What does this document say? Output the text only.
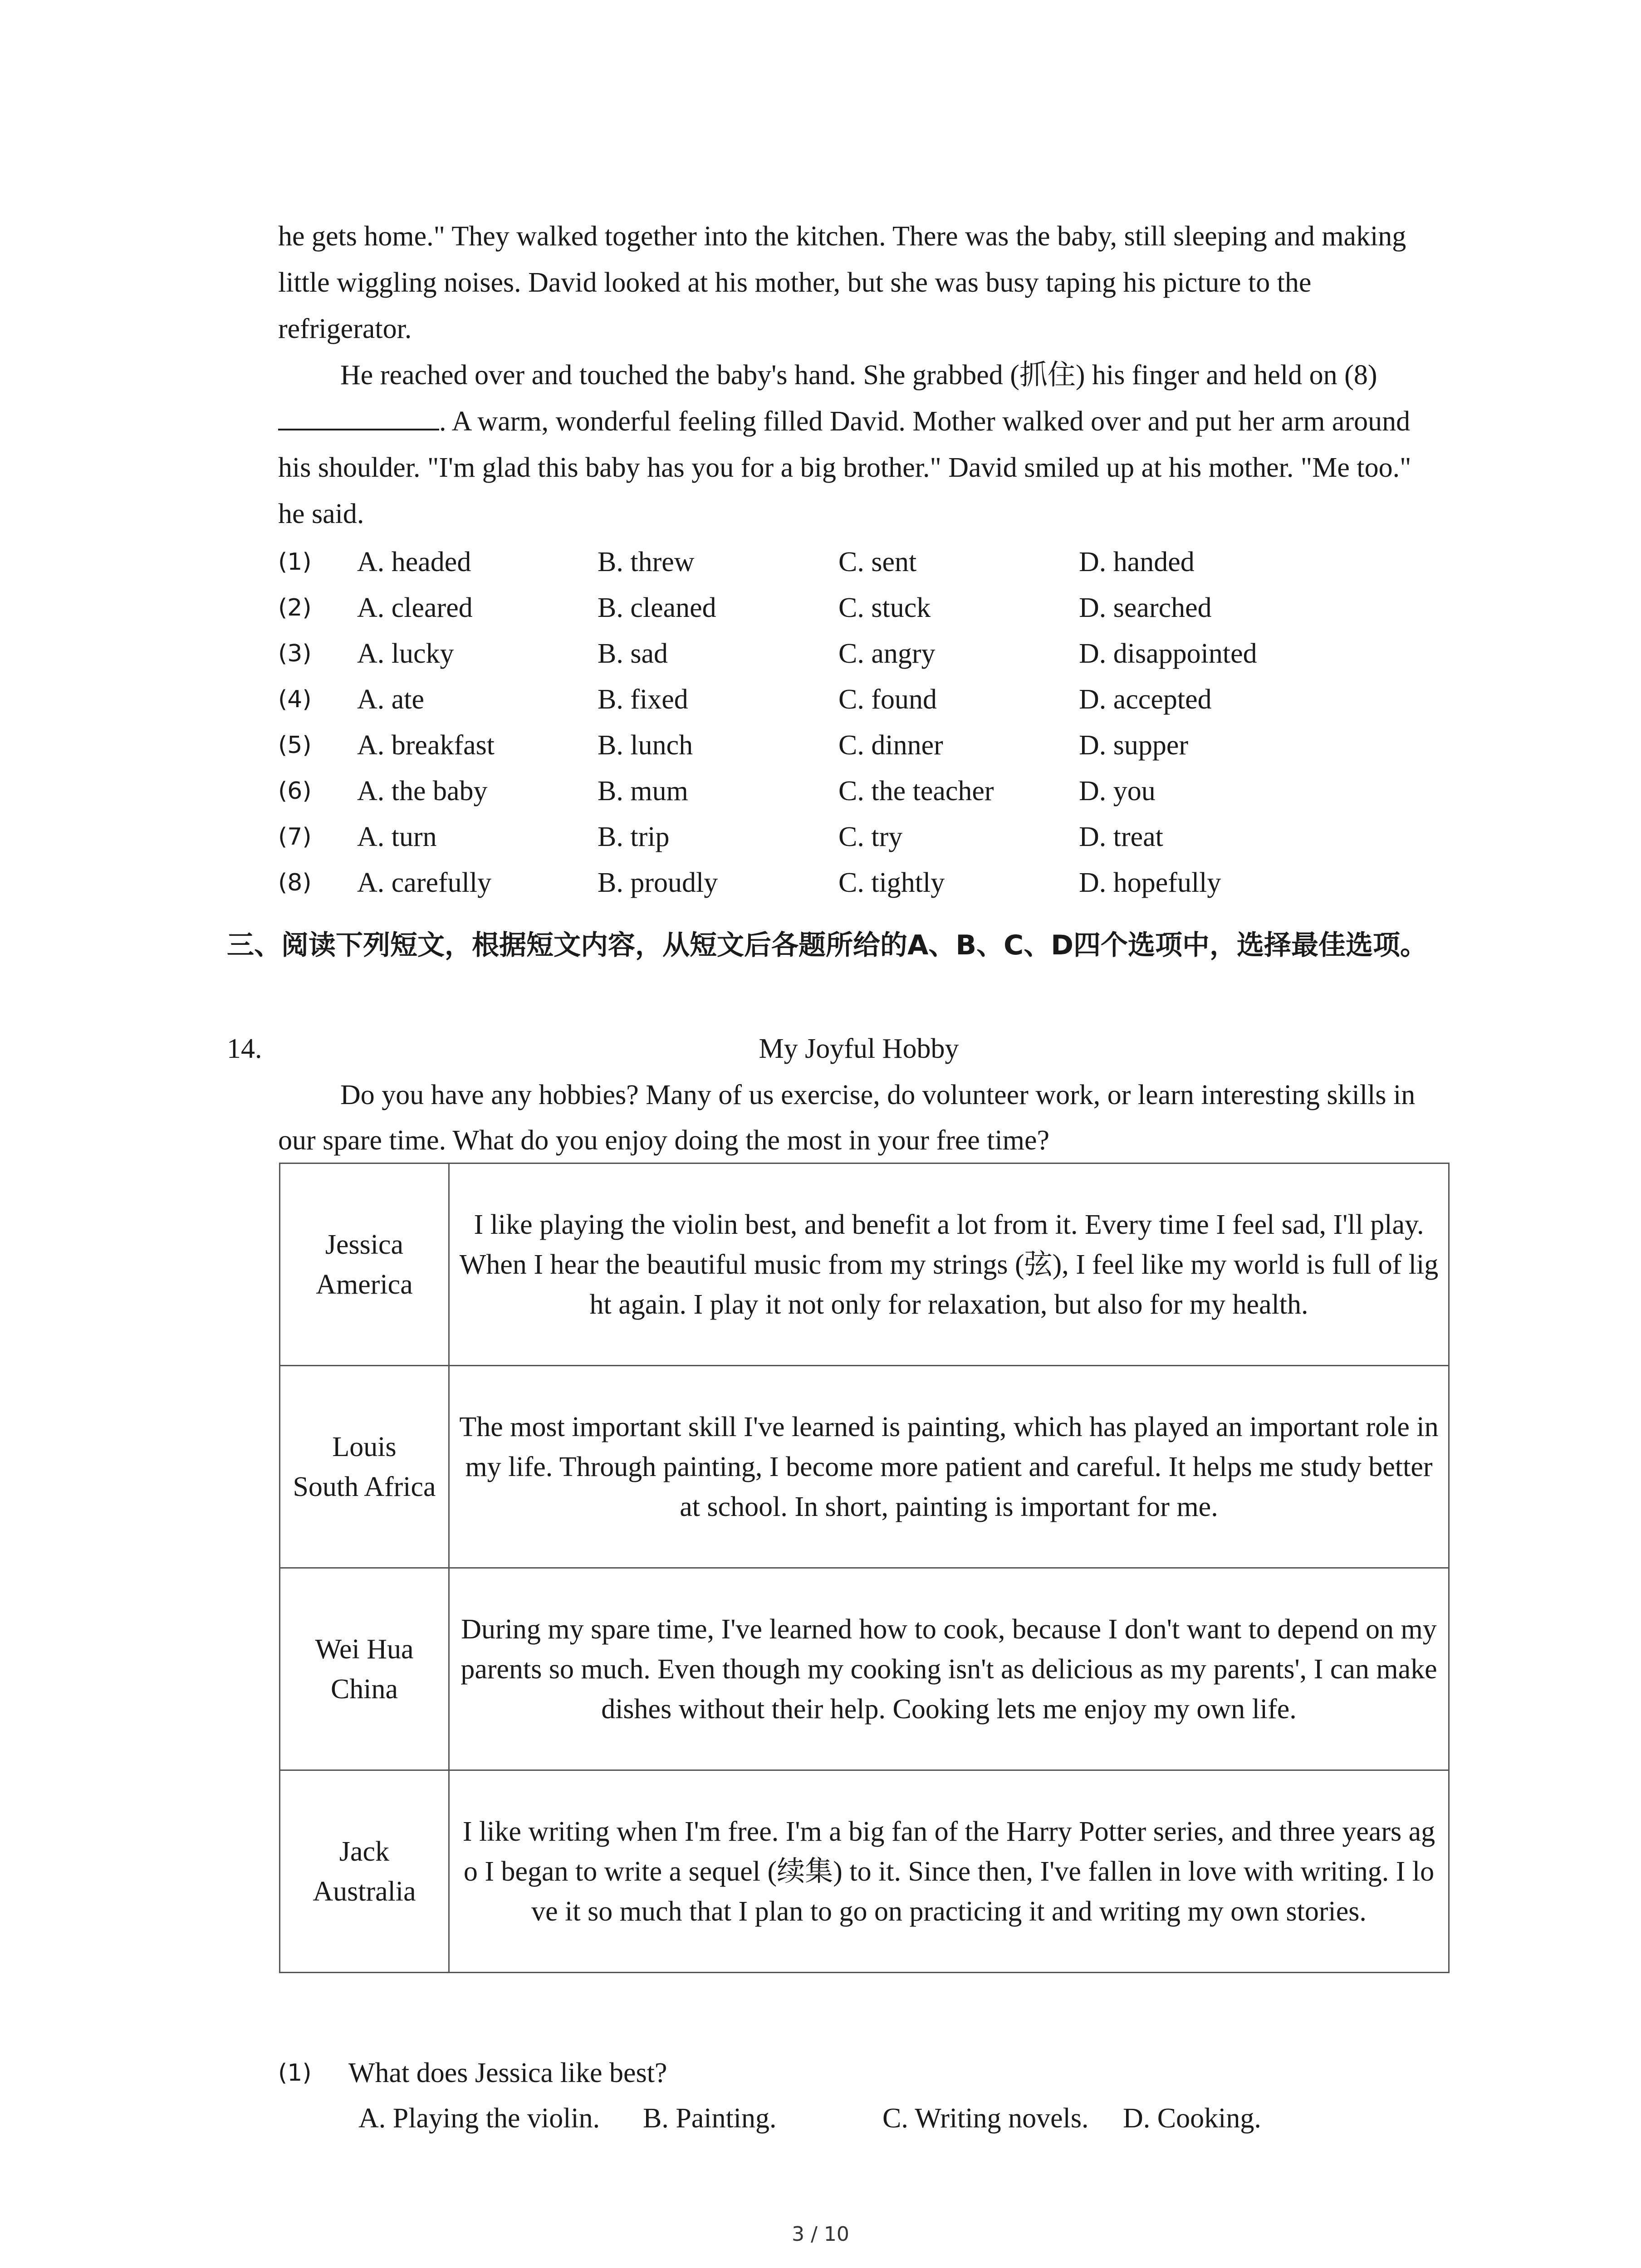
he gets home." They walked together into the kitchen. There was the baby, still sleeping and making little wiggling noises. David looked at his mother, but she was busy taping his picture to the refrigerator.

He reached over and touched the baby's hand. She grabbed (抓住) his finger and held on (8). A warm, wonderful feeling filled David. Mother walked over and put her arm around his shoulder. "I'm glad this baby has you for a big brother." David smiled up at his mother. "Me too." he said.

(1) A. headed	B. threw	C. sent	D. handed
(2) A. cleared	B. cleaned	C. stuck	D. searched
(3) A. lucky	B. sad	C. angry	D. disappointed
(4) A. ate	B. fixed	C. found	D. accepted
(5) A. breakfast	B. lunch	C. dinner	D. supper
(6) A. the baby	B. mum	C. the teacher	D. you
(7) A. turn	B. trip	C. try	D. treat
(8) A. carefully	B. proudly	C. tightly	D. hopefully

三、阅读下列短文，根据短文内容，从短文后各题所给的A、B、C、D四个选项中，选择最佳选项。

14.	My Joyful Hobby

Do you have any hobbies? Many of us exercise, do volunteer work, or learn interesting skills in our spare time. What do you enjoy doing the most in your free time?

Jessica
America	I like playing the violin best, and benefit a lot from it. Every time I feel sad, I'll play. When I hear the beautiful music from my strings (弦), I feel like my world is full of light again. I play it not only for relaxation, but also for my health.

Louis
South Africa	The most important skill I've learned is painting, which has played an important role in my life. Through painting, I become more patient and careful. It helps me study better at school. In short, painting is important for me.

Wei Hua
China	During my spare time, I've learned how to cook, because I don't want to depend on my parents so much. Even though my cooking isn't as delicious as my parents', I can make dishes without their help. Cooking lets me enjoy my own life.

Jack
Australia	I like writing when I'm free. I'm a big fan of the Harry Potter series, and three years ago I began to write a sequel (续集) to it. Since then, I've fallen in love with writing. I love it so much that I plan to go on practicing it and writing my own stories.
(1) What does Jessica like best?
A. Playing the violin. B. Painting.	C. Writing novels. D. Cooking.
3 / 10
